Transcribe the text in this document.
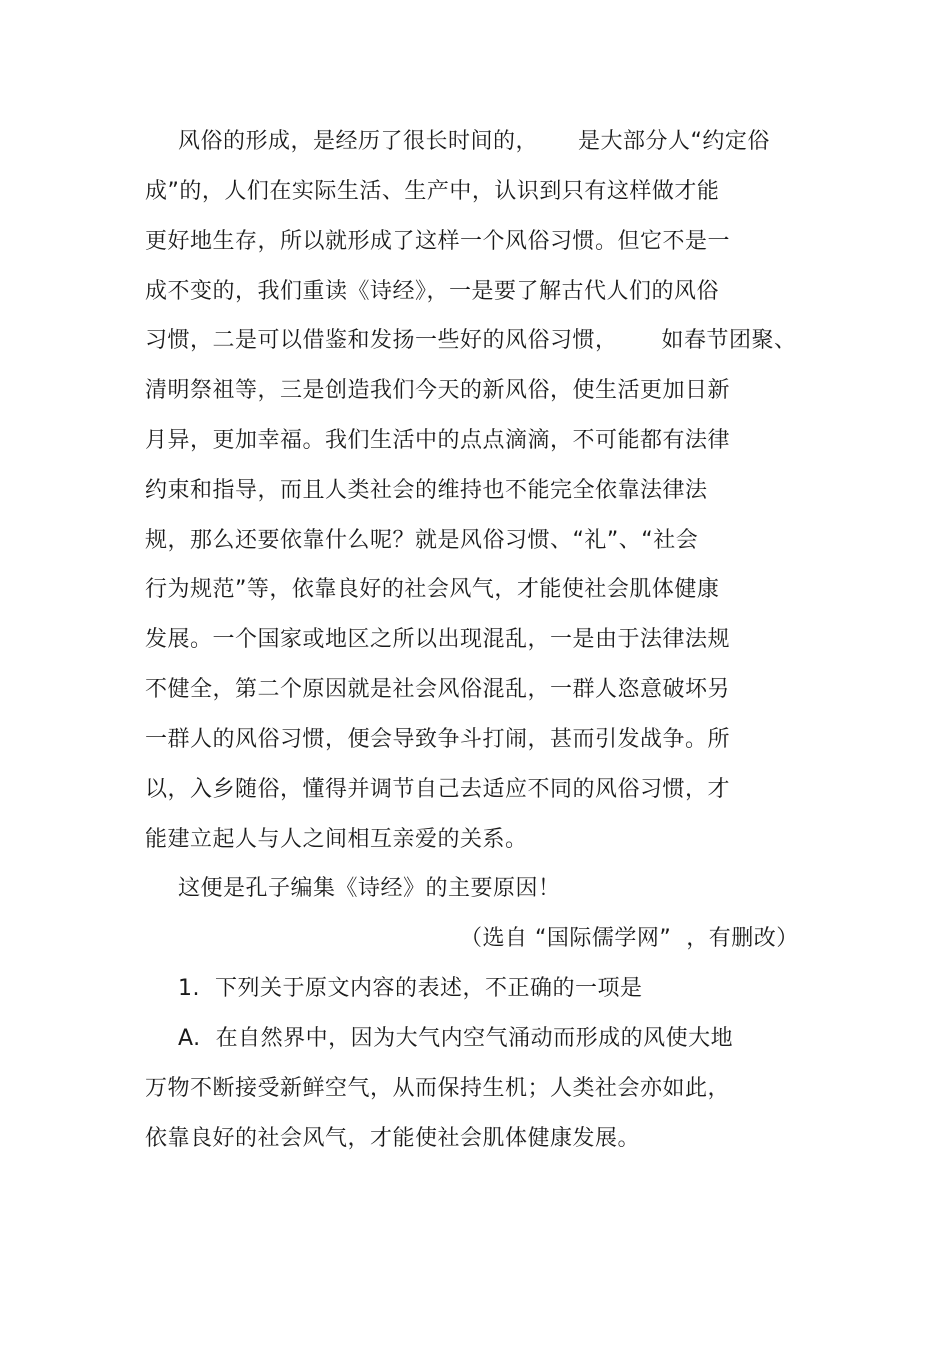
风俗的形成，是经历了很长时间的， 是大部分人“约定俗
成”的，人们在实际生活、生产中，认识到只有这样做才能
更好地生存，所以就形成了这样一个风俗习惯。但它不是一
成不变的，我们重读《诗经》，一是要了解古代人们的风俗
习惯，二是可以借鉴和发扬一些好的风俗习惯， 如春节团聚、
清明祭祖等，三是创造我们今天的新风俗，使生活更加日新
月异，更加幸福。我们生活中的点点滴滴，不可能都有法律
约束和指导，而且人类社会的维持也不能完全依靠法律法
规，那么还要依靠什么呢？就是风俗习惯、“礼”、“社会
行为规范”等，依靠良好的社会风气，才能使社会肌体健康
发展。一个国家或地区之所以出现混乱，一是由于法律法规
不健全，第二个原因就是社会风俗混乱，一群人恣意破坏另
一群人的风俗习惯，便会导致争斗打闹，甚而引发战争。所
以，入乡随俗，懂得并调节自己去适应不同的风俗习惯，才
能建立起人与人之间相互亲爱的关系。
这便是孔子编集《诗经》的主要原因！
（选自 “国际儒学网”  ，有删改）
1.  下列关于原文内容的表述，不正确的一项是
A.  在自然界中，因为大气内空气涌动而形成的风使大地
万物不断接受新鲜空气，从而保持生机；人类社会亦如此，
依靠良好的社会风气，才能使社会肌体健康发展。
